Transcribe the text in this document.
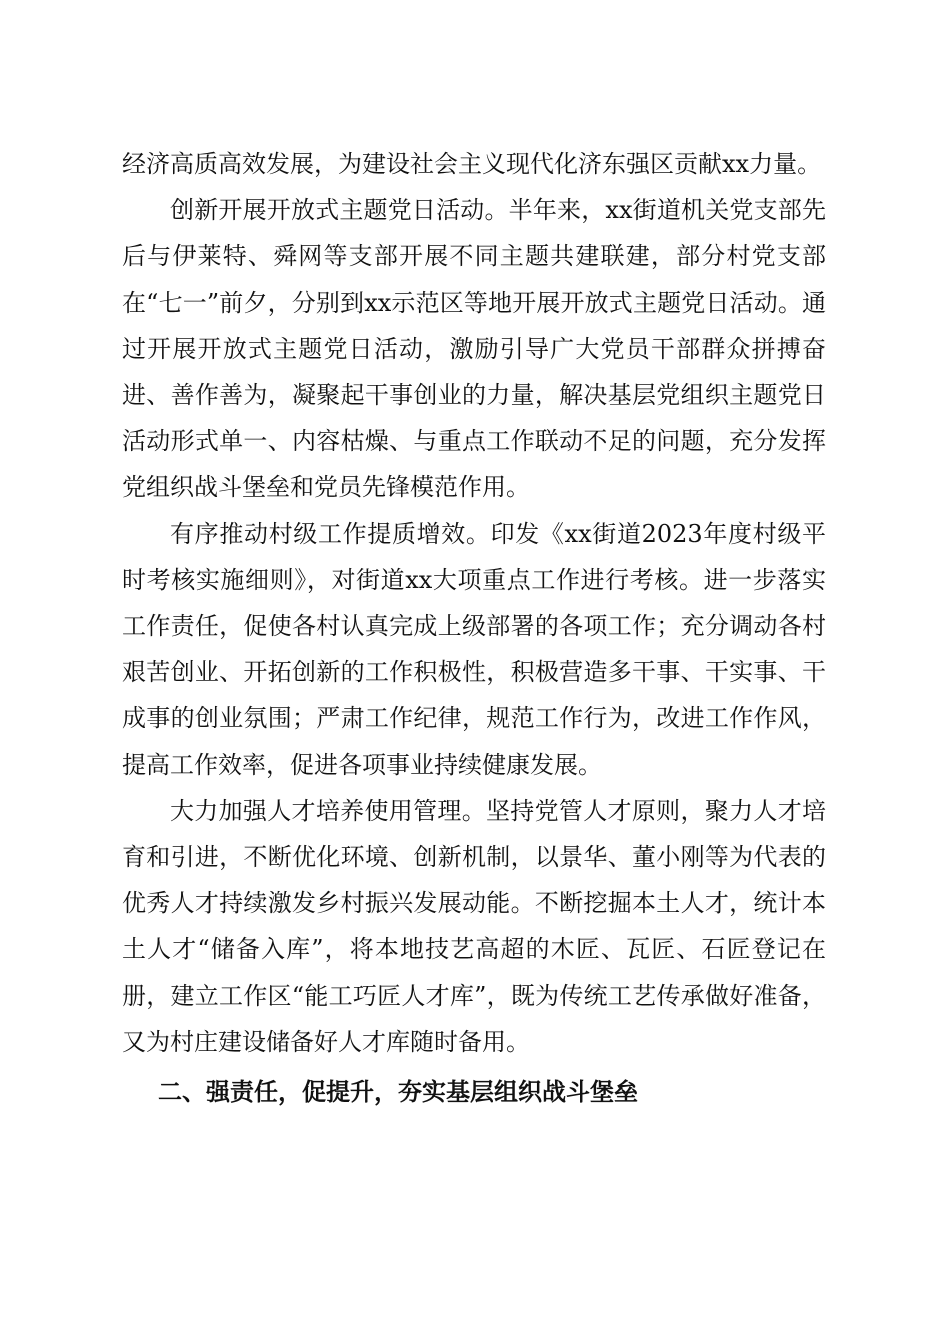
经济高质高效发展，为建设社会主义现代化济东强区贡献xx力量。

创新开展开放式主题党日活动。半年来，xx街道机关党支部先后与伊莱特、舜网等支部开展不同主题共建联建，部分村党支部在“七一”前夕，分别到xx示范区等地开展开放式主题党日活动。通过开展开放式主题党日活动，激励引导广大党员干部群众拼搏奋进、善作善为，凝聚起干事创业的力量，解决基层党组织主题党日活动形式单一、内容枯燥、与重点工作联动不足的问题，充分发挥党组织战斗堡垒和党员先锋模范作用。

有序推动村级工作提质增效。印发《xx街道2023年度村级平时考核实施细则》，对街道xx大项重点工作进行考核。进一步落实工作责任，促使各村认真完成上级部署的各项工作；充分调动各村艰苦创业、开拓创新的工作积极性，积极营造多干事、干实事、干成事的创业氛围；严肃工作纪律，规范工作行为，改进工作作风，提高工作效率，促进各项事业持续健康发展。

大力加强人才培养使用管理。坚持党管人才原则，聚力人才培育和引进，不断优化环境、创新机制，以景华、董小刚等为代表的优秀人才持续激发乡村振兴发展动能。不断挖掘本土人才，统计本土人才“储备入库”，将本地技艺高超的木匠、瓦匠、石匠登记在册，建立工作区“能工巧匠人才库”，既为传统工艺传承做好准备，又为村庄建设储备好人才库随时备用。

二、强责任，促提升，夯实基层组织战斗堡垒
